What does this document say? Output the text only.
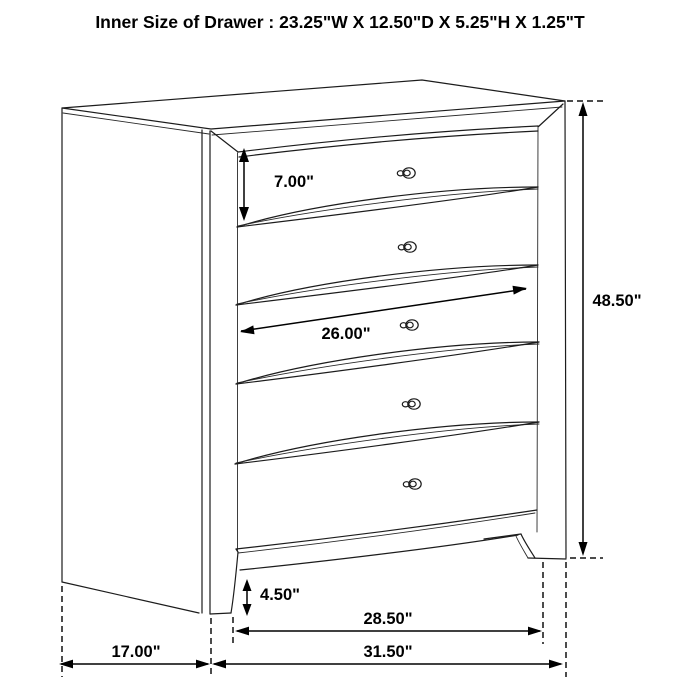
Inner Size of Drawer : 23.25"W X 12.50"D X 5.25"H X 1.25"T
7.00"
26.00"
48.50"
4.50"
28.50"
31.50"
17.00"
